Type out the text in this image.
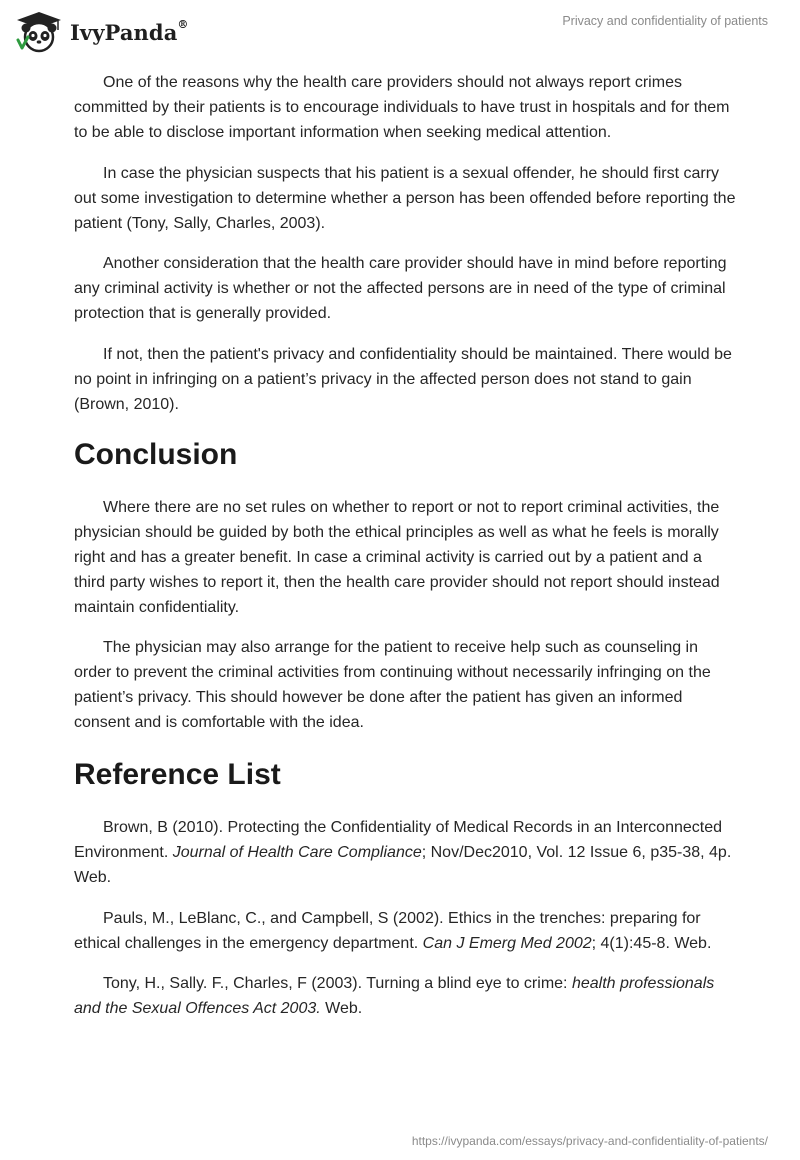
IvyPanda®	Privacy and confidentiality of patients

One of the reasons why the health care providers should not always report crimes committed by their patients is to encourage individuals to have trust in hospitals and for them to be able to disclose important information when seeking medical attention.

In case the physician suspects that his patient is a sexual offender, he should first carry out some investigation to determine whether a person has been offended before reporting the patient (Tony, Sally, Charles, 2003).

Another consideration that the health care provider should have in mind before reporting any criminal activity is whether or not the affected persons are in need of the type of criminal protection that is generally provided.

If not, then the patient's privacy and confidentiality should be maintained. There would be no point in infringing on a patient’s privacy in the affected person does not stand to gain (Brown, 2010).

Conclusion

Where there are no set rules on whether to report or not to report criminal activities, the physician should be guided by both the ethical principles as well as what he feels is morally right and has a greater benefit. In case a criminal activity is carried out by a patient and a third party wishes to report it, then the health care provider should not report should instead maintain confidentiality.

The physician may also arrange for the patient to receive help such as counseling in order to prevent the criminal activities from continuing without necessarily infringing on the patient’s privacy. This should however be done after the patient has given an informed consent and is comfortable with the idea.

Reference List

Brown, B (2010). Protecting the Confidentiality of Medical Records in an Interconnected Environment. Journal of Health Care Compliance; Nov/Dec2010, Vol. 12 Issue 6, p35-38, 4p. Web.

Pauls, M., LeBlanc, C., and Campbell, S (2002). Ethics in the trenches: preparing for ethical challenges in the emergency department. Can J Emerg Med 2002; 4(1):45-8. Web.

Tony, H., Sally. F., Charles, F (2003). Turning a blind eye to crime: health professionals and the Sexual Offences Act 2003. Web.

https://ivypanda.com/essays/privacy-and-confidentiality-of-patients/
